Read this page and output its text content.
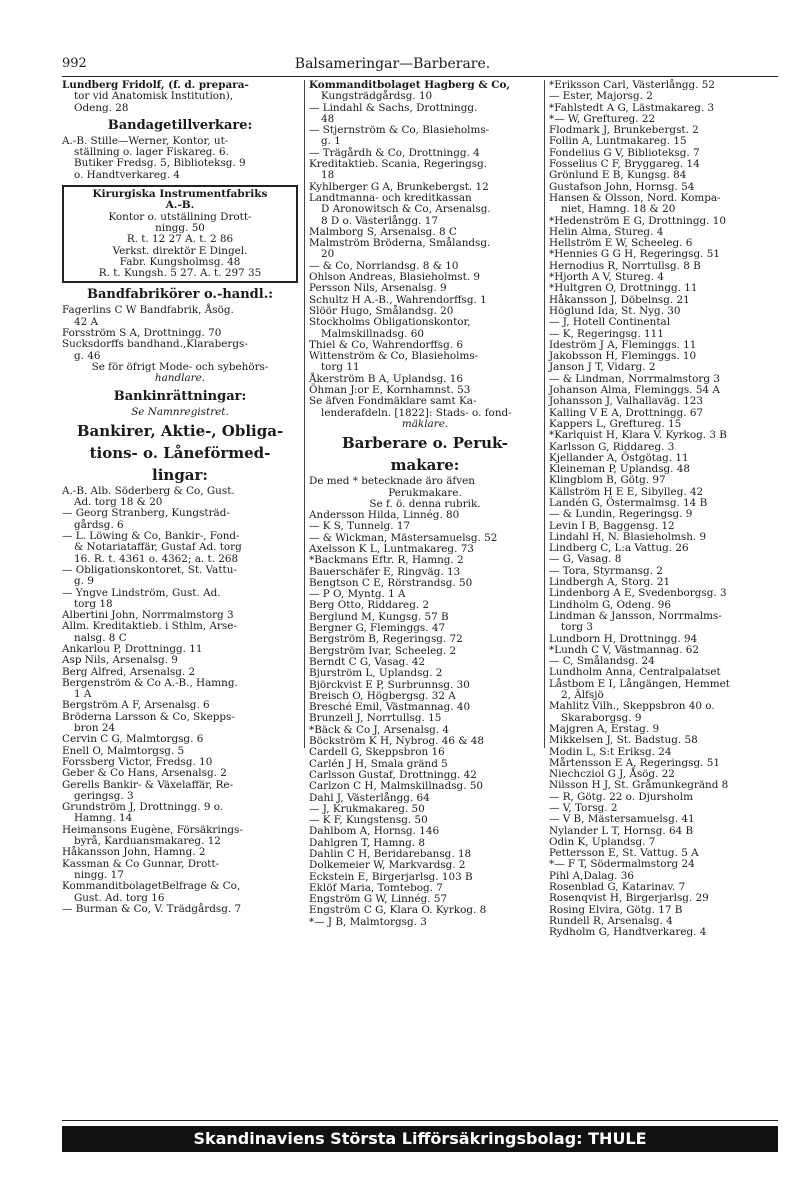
992	Balsameringar—Barberare.
Lundberg Fridolf, (f. d. prepara-
tor vid Anatomisk Institution),
Odeng. 28
Bandagetillverkare:
A.-B. Stille—Werner, Kontor, ut-
ställning o. lager Fiskareg. 6.
Butiker Fredsg. 5, Biblioteksg. 9
o. Handtverkareg. 4
Kirurgiska Instrumentfabriks
A.-B.
Kontor o. utställning Drott-
ningg. 50
R. t. 12 27 A. t. 2 86
Verkst. direktör E Dingel.
Fabr. Kungsholmsg. 48
R. t. Kungsh. 5 27. A. t. 297 35
Bandfabrikörer o.-handl.:
Fagerlins C W Bandfabrik, Åsög.
42 A
Forsström S A, Drottningg. 70
Sucksdorffs bandhand.,Klarabergs-
g. 46
Se för öfrigt Mode- och sybehörs-
handlare.
Bankinrättningar:
Se Namnregistret.
Bankirer, Aktie-, Obliga-
tions- o. Låneförmed-
lingar:
A.-B. Alb. Söderberg & Co, Gust.
Ad. torg 18 & 20
— Georg Stranberg, Kungsträd-
gårdsg. 6
— L. Löwing & Co, Bankir-, Fond-
& Notariataffär, Gustaf Ad. torg
16. R. t. 4361 o. 4362; a. t. 268
— Obligationskontoret, St. Vattu-
g. 9
— Yngve Lindström, Gust. Ad.
torg 18
Albertini John, Norrmalmstorg 3
Allm. Kreditaktieb. i Sthlm, Arse-
nalsg. 8 C
Ankarlou P, Drottningg. 11
Asp Nils, Arsenalsg. 9
Berg Alfred, Arsenalsg. 2
Bergenström & Co A.-B., Hamng.
1 A
Bergström A F, Arsenalsg. 6
Bröderna Larsson & Co, Skepps-
bron 24
Cervin C G, Malmtorgsg. 6
Enell O, Malmtorgsg. 5
Forssberg Victor, Fredsg. 10
Geber & Co Hans, Arsenalsg. 2
Gerells Bankir- & Växelaffär, Re-
geringsg. 3
Grundström J, Drottningg. 9 o.
Hamng. 14
Heimansons Eugène, Försäkrings-
byrå, Karduansmakareg. 12
Håkansson John, Hamng. 2
Kassman & Co Gunnar, Drott-
ningg. 17
KommanditbolagetBelfrage & Co,
Gust. Ad. torg 16
— Burman & Co, V. Trädgårdsg. 7
Kommanditbolaget Hagberg & Co,
Kungsträdgårdsg. 10
— Lindahl & Sachs, Drottningg.
48
— Stjernström & Co, Blasieholms-
g. 1
— Trägårdh & Co, Drottningg. 4
Kreditaktieb. Scania, Regeringsg.
18
Kyhlberger G A, Brunkebergst. 12
Landtmanna- och kreditkassan
D Aronowitsch & Co, Arsenalsg.
8 D o. Västerlångg. 17
Malmborg S, Arsenalsg. 8 C
Malmström Bröderna, Smålandsg.
20
— & Co, Norrlandsg. 8 & 10
Ohlson Andreas, Blasieholmst. 9
Persson Nils, Arsenalsg. 9
Schultz H A.-B., Wahrendorffsg. 1
Slöör Hugo, Smålandsg. 20
Stockholms Obligationskontor,
Malmskillnadsg. 60
Thiel & Co, Wahrendorffsg. 6
Wittenström & Co, Blasieholms-
torg 11
Åkerström B A, Uplandsg. 16
Öhman J:or E, Kornhamnst. 53
Se äfven Fondmäklare samt Ka-
lenderafdeln. [1822]: Stads- o. fond-
mäklare.
Barberare o. Peruk-
makare:
De med * betecknade äro äfven
Perukmakare.
Se f. ö. denna rubrik.
Andersson Hilda, Linnég. 80
— K S, Tunnelg. 17
— & Wickman, Mästersamuelsg. 52
Axelsson K L, Luntmakareg. 73
*Backmans Eftr. R, Hamng. 2
Bauerschäfer E, Ringväg. 13
Bengtson C E, Rörstrandsg. 50
— P O, Myntg. 1 A
Berg Otto, Riddareg. 2
Berglund M, Kungsg. 57 B
Bergner G, Fleminggs. 47
Bergström B, Regeringsg. 72
Bergström Ivar, Scheeleg. 2
Berndt C G, Vasag. 42
Bjurström L, Uplandsg. 2
Björckvist E P, Surbrunnsg. 30
Breisch O, Högbergsg. 32 A
Bresché Emil, Västmannag. 40
Brunzell J, Norrtullsg. 15
*Bäck & Co J, Arsenalsg. 4
Böckström K H, Nybrog. 46 & 48
Cardell G, Skeppsbron 16
Carlén J H, Smala gränd 5
Carlsson Gustaf, Drottningg. 42
Carlzon C H, Malmskillnadsg. 50
Dahl J, Västerlångg. 64
— J, Krukmakareg. 50
— K F, Kungstensg. 50
Dahlbom A, Hornsg. 146
Dahlgren T, Hamng. 8
Dahlin C H, Beridarebansg. 18
Dolkemeier W, Markvardsg. 2
Eckstein E, Birgerjarlsg. 103 B
Eklöf Maria, Tomtebog. 7
Engström G W, Linnég. 57
Engström C G, Klara O. Kyrkog. 8
*— J B, Malmtorgsg. 3
*Eriksson Carl, Västerlångg. 52
— Ester, Majorsg. 2
*Fahlstedt A G, Lästmakareg. 3
*— W, Greftureg. 22
Flodmark J, Brunkebergst. 2
Follin A, Luntmakareg. 15
Fondelius G V, Biblioteksg. 7
Fosselius C F, Bryggareg. 14
Grönlund E B, Kungsg. 84
Gustafson John, Hornsg. 54
Hansen & Olsson, Nord. Kompa-
niet, Hamng. 18 & 20
*Hedenström E G, Drottningg. 10
Helin Alma, Stureg. 4
Hellström E W, Scheeleg. 6
*Hennies G G H, Regeringsg. 51
Hernodius R, Norrtullsg. 8 B
*Hjorth A V, Stureg. 4
*Hultgren O, Drottningg. 11
Håkansson J, Döbelnsg. 21
Höglund Ida, St. Nyg. 30
— J, Hotell Continental
— K, Regeringsg. 111
Ideström J A, Fleminggs. 11
Jakobsson H, Fleminggs. 10
Janson J T, Vidarg. 2
— & Lindman, Norrmalmstorg 3
Johanson Alma, Fleminggs. 54 A
Johansson J, Valhallaväg. 123
Kalling V E A, Drottningg. 67
Kappers L, Greftureg. 15
*Karlquist H, Klara V. Kyrkog. 3 B
Karlsson G, Riddareg. 3
Kjellander A, Östgötag. 11
Kleineman P, Uplandsg. 48
Klingblom B, Götg. 97
Källström H E E, Sibylleg. 42
Landén G, Östermalmsg. 14 B
— & Lundin, Regeringsg. 9
Levin I B, Baggensg. 12
Lindahl H, N. Blasieholmsh. 9
Lindberg C, L:a Vattug. 26
— G, Vasag. 8
— Tora, Styrmansg. 2
Lindbergh A, Storg. 21
Lindenborg A E, Svedenborgsg. 3
Lindholm G, Odeng. 96
Lindman & Jansson, Norrmalms-
torg 3
Lundborn H, Drottningg. 94
*Lundh C V, Västmannag. 62
— C, Smålandsg. 24
Lundholm Anna, Centralpalatset
Låstbom E I, Långängen, Hemmet
2, Älfsjö
Mahlitz Vilh., Skeppsbron 40 o.
Skaraborgsg. 9
Majgren A, Erstag. 9
Mikkelsen J, St. Badstug. 58
Modin L, S:t Eriksg. 24
Mårtensson E A, Regeringsg. 51
Niechcziol G J, Åsög. 22
Nilsson H J, St. Gråmunkegränd 8
— R, Götg. 22 o. Djursholm
— V, Torsg. 2
— V B, Mästersamuelsg. 41
Nylander L T, Hornsg. 64 B
Odin K, Uplandsg. 7
Pettersson E, St. Vattug. 5 A
*— F T, Södermalmstorg 24
Pihl A,Dalag. 36
Rosenblad G, Katarinav. 7
Rosenqvist H, Birgerjarlsg. 29
Rosing Elvira, Götg. 17 B
Rundell R, Arsenalsg. 4
Rydholm G, Handtverkareg. 4
Skandinaviens Största Lifförsäkringsbolag: THULE
